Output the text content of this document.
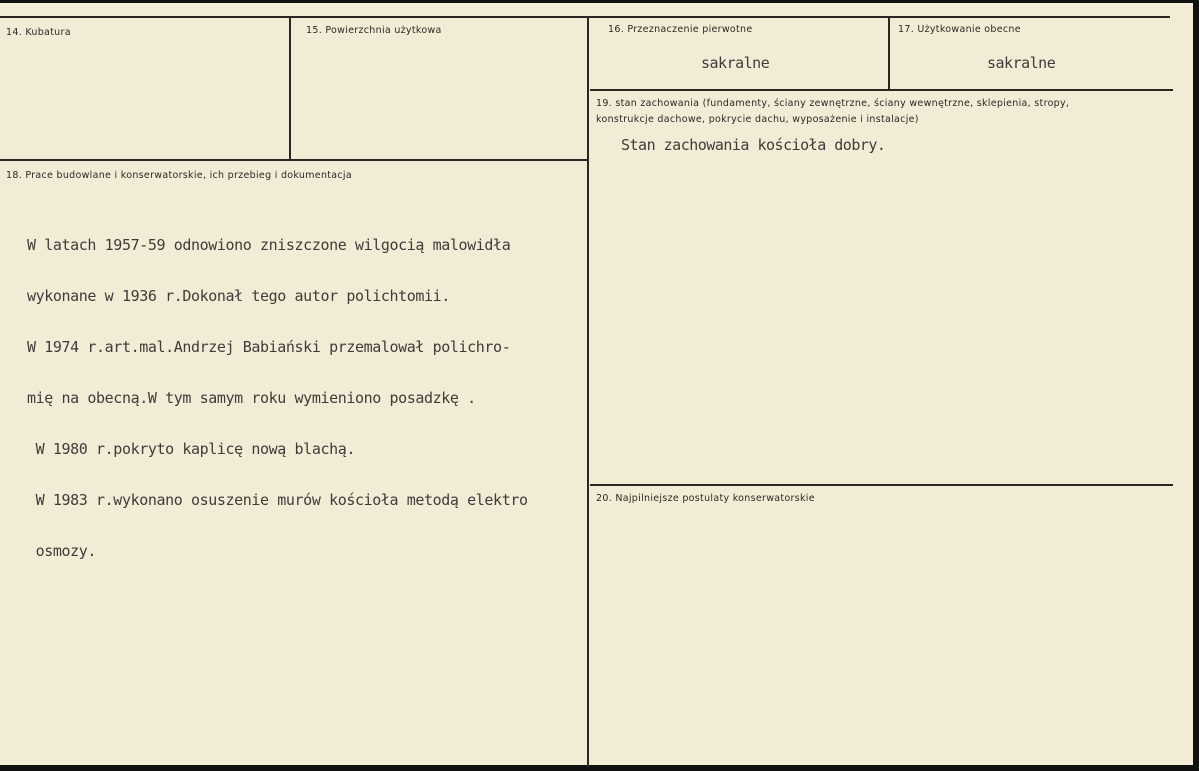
14. Kubatura	15. Powierzchnia użytkowa	16. Przeznaczenie pierwotne
sakralne
17. Użytkowanie obecne
sakralne
18. Prace budowlane i konserwatorskie, ich przebieg i dokumentacja

W latach 1957-59 odnowiono zniszczone wilgocią malowidła

wykonane w 1936 r.Dokonał tego autor polichtomii.

W 1974 r.art.mal.Andrzej Babiański przemalował polichro-

mię na obecną.W tym samym roku wymieniono posadzkę .

W 1980 r.pokryto kaplicę nową blachą.

W 1983 r.wykonano osuszenie murów kościoła metodą elektro

osmozy.

19. stan zachowania (fundamenty, ściany zewnętrzne, ściany wewnętrzne, sklepienia, stropy, konstrukcje dachowe, pokrycie dachu, wyposażenie i instalacje)
Stan zachowania kościoła dobry.
20. Najpilniejsze postulaty konserwatorskie
